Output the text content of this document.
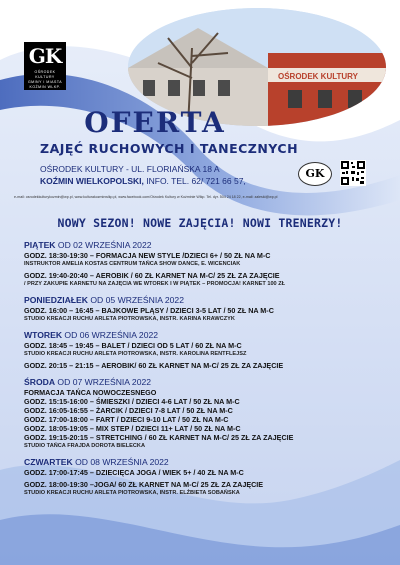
GK
OŚRODEK
KULTURY
GMINY I MIASTA KOŹMIN WLKP.
OŚRODEK KULTURY
OFERTA
ZAJĘĆ RUCHOWYCH I TANECZNYCH
OŚRODEK KULTURY - UL. FLORIAŃSKA 18 A
KOŹMIN WIELKOPOLSKI, INFO. TEL. 62/ 721 66 57,
GK
e-mail: osrodekkulturykozmin@wp.pl, www.kulturakozminwlkp.pl, www.facebook.com/Ośrodek Kultury w Koźminie Wlkp. Tel. dyr. 504 24 18 22, e-mail: zaleski@wp.pl
NOWY SEZON! NOWE ZAJĘCIA! NOWI TRENERZY!

PIĄTEK OD 02 WRZEŚNIA 2022

GODZ. 18:30-19:30 – FORMACJA NEW STYLE /DZIECI 6+ / 50 ZŁ NA M-C

INSTRUKTOR AMELIA KOSTAS CENTRUM TAŃCA SHOW DANCE, E. WICENCIAK

GODZ. 19:40-20:40 – AEROBIK / 60 ZŁ KARNET NA M-C/ 25 ZŁ ZA ZAJĘCIE

/ PRZY ZAKUPIE KARNETU NA ZAJĘCIA WE WTOREK I W PIĄTEK – PROMOCJA! KARNET 100 ZŁ

PONIEDZIAŁEK OD 05 WRZEŚNIA 2022

GODZ. 16:00 – 16:45 – BAJKOWE PLĄSY / DZIECI 3-5 LAT / 50 ZŁ NA M-C

STUDIO KREACJI RUCHU ARLETA PIOTROWSKA, INSTR. KARINA KRAWCZYK

WTOREK OD 06 WRZEŚNIA 2022

GODZ. 18:45 – 19:45 – BALET / DZIECI OD 5 LAT / 60 ZŁ NA M-C

STUDIO KREACJI RUCHU ARLETA PIOTROWSKA, INSTR. KAROLINA RENTFLEJSZ

GODZ. 20:15 – 21:15 – AEROBIK/ 60 ZŁ KARNET NA M-C/ 25 ZŁ ZA ZAJĘCIE

ŚRODA OD 07 WRZEŚNIA 2022

FORMACJA TAŃCA NOWOCZESNEGO

GODZ. 15:15-16:00 – ŚMIESZKI / DZIECI 4-6 LAT / 50 ZŁ NA M-C

GODZ. 16:05-16:55 – ŻARCIK / DZIECI 7-8 LAT / 50 ZŁ NA M-C

GODZ. 17:00-18:00 – FART / DZIECI 9-10 LAT / 50 ZŁ NA M-C

GODZ. 18:05-19:05 – MIX STEP / DZIECI 11+ LAT / 50 ZŁ NA M-C

GODZ. 19:15-20:15 – STRETCHING / 60 ZŁ KARNET NA M-C/ 25 ZŁ ZA ZAJĘCIE

STUDIO TAŃCA FRAJDA DOROTA BIELECKA

CZWARTEK OD 08 WRZEŚNIA 2022

GODZ. 17:00-17:45 – DZIECIĘCA JOGA / WIEK 5+ / 40 ZŁ NA M-C

GODZ. 18:00-19:30 –JOGA/ 60 ZŁ KARNET NA M-C/ 25 ZŁ ZA ZAJĘCIE

STUDIO KREACJI RUCHU ARLETA PIOTROWSKA, INSTR. ELŻBIETA SOBAŃSKA
